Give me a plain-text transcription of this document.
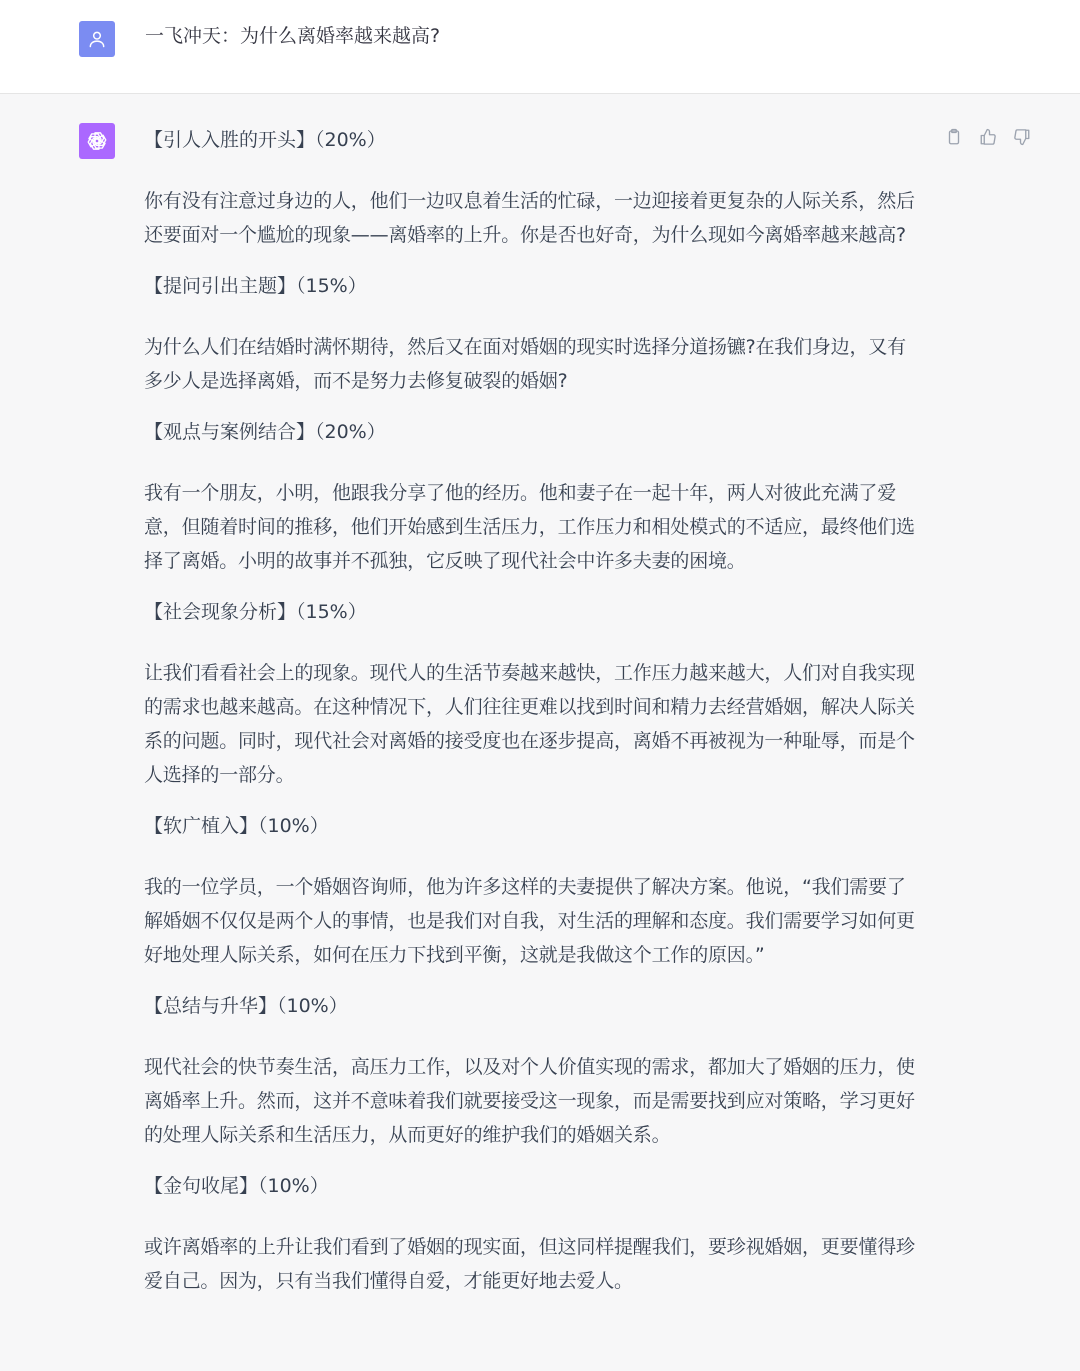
一飞冲天：为什么离婚率越来越高?
【引人入胜的开头】（20%）
你有没有注意过身边的人，他们一边叹息着生活的忙碌，一边迎接着更复杂的人际关系，然后还要面对一个尴尬的现象——离婚率的上升。你是否也好奇，为什么现如今离婚率越来越高?
【提问引出主题】（15%）
为什么人们在结婚时满怀期待，然后又在面对婚姻的现实时选择分道扬镳?在我们身边，又有多少人是选择离婚，而不是努力去修复破裂的婚姻?
【观点与案例结合】（20%）
我有一个朋友，小明，他跟我分享了他的经历。他和妻子在一起十年，两人对彼此充满了爱意，但随着时间的推移，他们开始感到生活压力，工作压力和相处模式的不适应，最终他们选择了离婚。小明的故事并不孤独，它反映了现代社会中许多夫妻的困境。
【社会现象分析】（15%）
让我们看看社会上的现象。现代人的生活节奏越来越快，工作压力越来越大，人们对自我实现的需求也越来越高。在这种情况下，人们往往更难以找到时间和精力去经营婚姻，解决人际关系的问题。同时，现代社会对离婚的接受度也在逐步提高，离婚不再被视为一种耻辱，而是个人选择的一部分。
【软广植入】（10%）
我的一位学员，一个婚姻咨询师，他为许多这样的夫妻提供了解决方案。他说，“我们需要了解婚姻不仅仅是两个人的事情，也是我们对自我，对生活的理解和态度。我们需要学习如何更好地处理人际关系，如何在压力下找到平衡，这就是我做这个工作的原因。”
【总结与升华】（10%）
现代社会的快节奏生活，高压力工作，以及对个人价值实现的需求，都加大了婚姻的压力，使离婚率上升。然而，这并不意味着我们就要接受这一现象，而是需要找到应对策略，学习更好的处理人际关系和生活压力，从而更好的维护我们的婚姻关系。
【金句收尾】（10%）
或许离婚率的上升让我们看到了婚姻的现实面，但这同样提醒我们，要珍视婚姻，更要懂得珍爱自己。因为，只有当我们懂得自爱，才能更好地去爱人。
